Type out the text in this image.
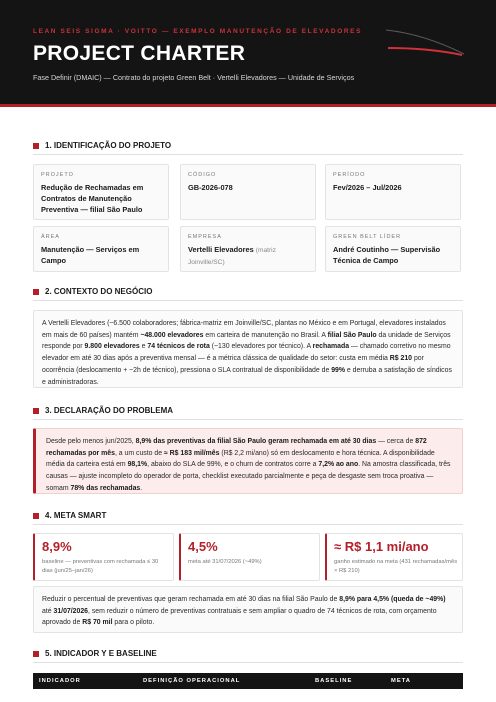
LEAN SEIS SIGMA · VOITTO — EXEMPLO MANUTENÇÃO DE ELEVADORES
PROJECT CHARTER
Fase Definir (DMAIC) — Contrato do projeto Green Belt · Vertelli Elevadores — Unidade de Serviços
1. IDENTIFICAÇÃO DO PROJETO
PROJETO
Redução de Rechamadas em Contratos de Manutenção Preventiva — filial São Paulo
CÓDIGO
GB-2026-078
PERÍODO
Fev/2026 – Jul/2026
ÁREA
Manutenção — Serviços em Campo
EMPRESA
Vertelli Elevadores (matriz Joinville/SC)
GREEN BELT LÍDER
André Coutinho — Supervisão Técnica de Campo
2. CONTEXTO DO NEGÓCIO
A Vertelli Elevadores (~6.500 colaboradores; fábrica-matriz em Joinville/SC, plantas no México e em Portugal, elevadores instalados em mais de 60 países) mantém ~48.000 elevadores em carteira de manutenção no Brasil. A filial São Paulo da unidade de Serviços responde por 9.800 elevadores e 74 técnicos de rota (~130 elevadores por técnico). A rechamada — chamado corretivo no mesmo elevador em até 30 dias após a preventiva mensal — é a métrica clássica de qualidade do setor: custa em média R$ 210 por ocorrência (deslocamento + ~2h de técnico), pressiona o SLA contratual de disponibilidade de 99% e derruba a satisfação de síndicos e administradoras.
3. DECLARAÇÃO DO PROBLEMA
Desde pelo menos jun/2025, 8,9% das preventivas da filial São Paulo geram rechamada em até 30 dias — cerca de 872 rechamadas por mês, a um custo de ≈ R$ 183 mil/mês (R$ 2,2 mi/ano) só em deslocamento e hora técnica. A disponibilidade média da carteira está em 98,1%, abaixo do SLA de 99%, e o churn de contratos corre a 7,2% ao ano. Na amostra classificada, três causas — ajuste incompleto do operador de porta, checklist executado parcialmente e peça de desgaste sem troca proativa — somam 78% das rechamadas.
4. META SMART
8,9%
baseline — preventivas com rechamada ≤ 30 dias (jun/25–jan/26)
4,5%
meta até 31/07/2026 (~49%)
≈ R$ 1,1 mi/ano
ganho estimado na meta (431 rechamadas/mês × R$ 210)
Reduzir o percentual de preventivas que geram rechamada em até 30 dias na filial São Paulo de 8,9% para 4,5% (queda de ~49%) até 31/07/2026, sem reduzir o número de preventivas contratuais e sem ampliar o quadro de 74 técnicos de rota, com orçamento aprovado de R$ 70 mil para o piloto.
5. INDICADOR Y E BASELINE
INDICADOR	DEFINIÇÃO OPERACIONAL	BASELINE	META
